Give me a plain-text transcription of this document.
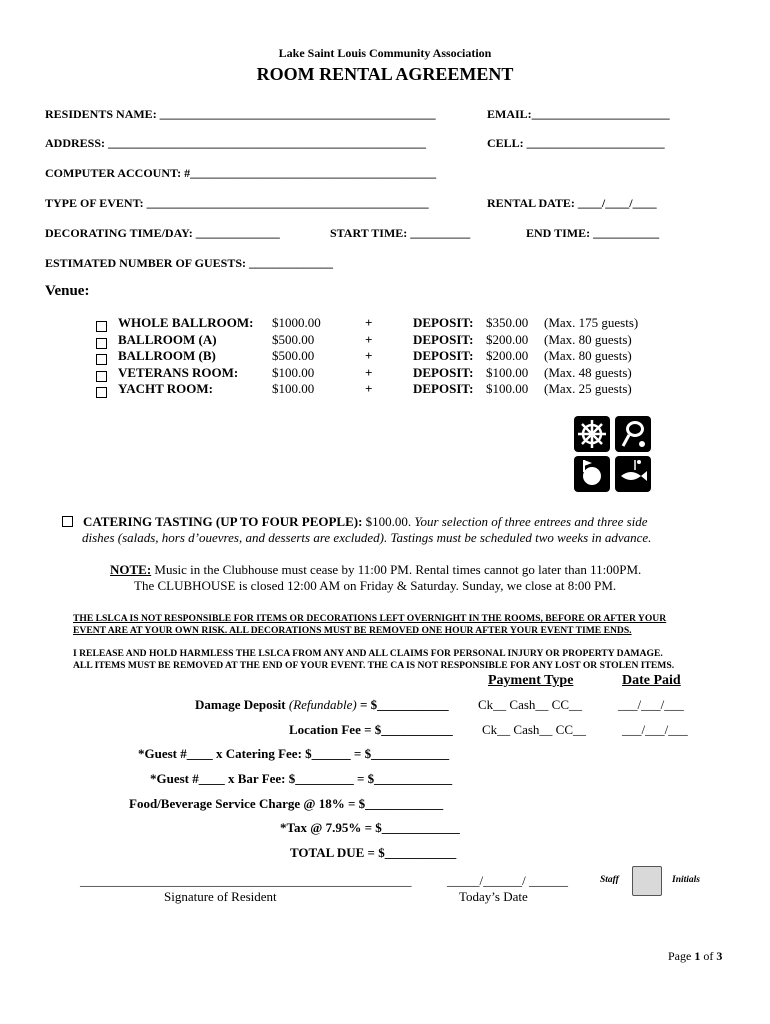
Lake Saint Louis Community Association
ROOM RENTAL AGREEMENT
RESIDENTS NAME: ______________________________________________	EMAIL:_______________________
ADDRESS: _____________________________________________________	CELL: _______________________
COMPUTER ACCOUNT: #_________________________________________
TYPE OF EVENT: _______________________________________________	RENTAL DATE: ____/____/____
DECORATING TIME/DAY: ______________	START TIME: __________	END TIME: ___________
ESTIMATED NUMBER OF GUESTS: ______________
Venue:
WHOLE BALLROOM: $1000.00	+	DEPOSIT: $350.00 (Max. 175 guests)
BALLROOM (A)	$500.00	+	DEPOSIT: $200.00 (Max. 80 guests)
BALLROOM (B)	$500.00	+	DEPOSIT: $200.00 (Max. 80 guests)
VETERANS ROOM:	$100.00	+	DEPOSIT: $100.00 (Max. 48 guests)
YACHT ROOM:	$100.00	+	DEPOSIT: $100.00 (Max. 25 guests)
CATERING TASTING (UP TO FOUR PEOPLE): $100.00. Your selection of three entrees and three side
dishes (salads, hors d’ouevres, and desserts are excluded). Tastings must be scheduled two weeks in advance.
NOTE: Music in the Clubhouse must cease by 11:00 PM. Rental times cannot go later than 11:00PM.
The CLUBHOUSE is closed 12:00 AM on Friday & Saturday. Sunday, we close at 8:00 PM.
THE LSLCA IS NOT RESPONSIBLE FOR ITEMS OR DECORATIONS LEFT OVERNIGHT IN THE ROOMS, BEFORE OR AFTER YOUR
EVENT ARE AT YOUR OWN RISK. ALL DECORATIONS MUST BE REMOVED ONE HOUR AFTER YOUR EVENT TIME ENDS.
I RELEASE AND HOLD HARMLESS THE LSLCA FROM ANY AND ALL CLAIMS FOR PERSONAL INJURY OR PROPERTY DAMAGE.
ALL ITEMS MUST BE REMOVED AT THE END OF YOUR EVENT. THE CA IS NOT RESPONSIBLE FOR ANY LOST OR STOLEN ITEMS.
Payment Type	Date Paid
Damage Deposit (Refundable) = $___________ Ck__ Cash__ CC__	___/___/___
Location Fee = $___________ Ck__ Cash__ CC__	___/___/___
*Guest #____ x Catering Fee: $______ = $____________
*Guest #____ x Bar Fee: $_________ = $____________
Food/Beverage Service Charge @ 18% = $____________
*Tax @ 7.95% = $____________
TOTAL DUE = $___________
___________________________________________________
Signature of Resident
_____/______/ ______
Today’s Date
Staff	Initials
Page 1 of 3
